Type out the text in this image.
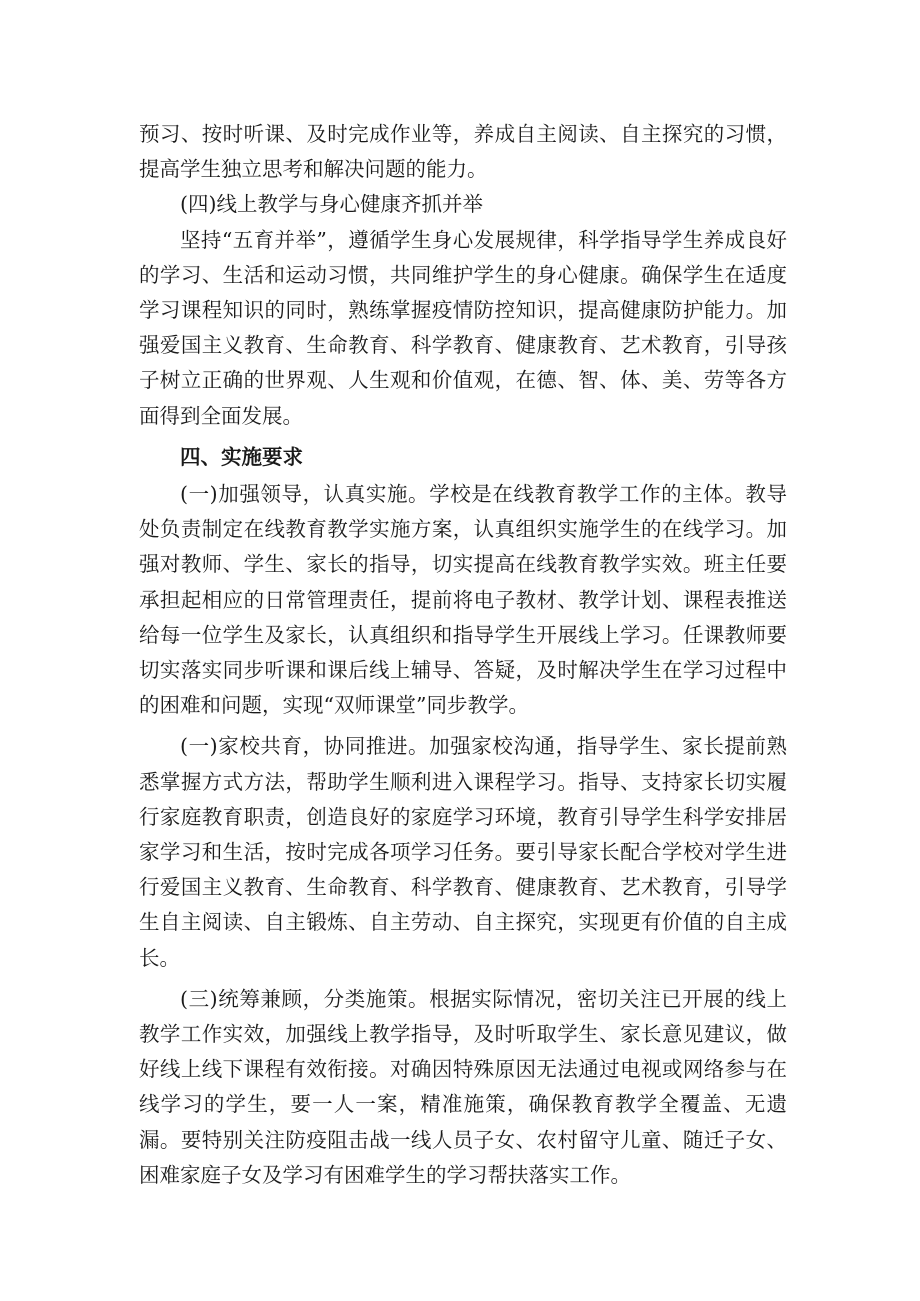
预习、按时听课、及时完成作业等，养成自主阅读、自主探究的习惯，提高学生独立思考和解决问题的能力。

(四)线上教学与身心健康齐抓并举

坚持“五育并举”，遵循学生身心发展规律，科学指导学生养成良好的学习、生活和运动习惯，共同维护学生的身心健康。确保学生在适度学习课程知识的同时，熟练掌握疫情防控知识，提高健康防护能力。加强爱国主义教育、生命教育、科学教育、健康教育、艺术教育，引导孩子树立正确的世界观、人生观和价值观，在德、智、体、美、劳等各方面得到全面发展。

四、实施要求

(一)加强领导，认真实施。学校是在线教育教学工作的主体。教导处负责制定在线教育教学实施方案，认真组织实施学生的在线学习。加强对教师、学生、家长的指导，切实提高在线教育教学实效。班主任要承担起相应的日常管理责任，提前将电子教材、教学计划、课程表推送给每一位学生及家长，认真组织和指导学生开展线上学习。任课教师要切实落实同步听课和课后线上辅导、答疑，及时解决学生在学习过程中的困难和问题，实现“双师课堂”同步教学。

(一)家校共育，协同推进。加强家校沟通，指导学生、家长提前熟悉掌握方式方法，帮助学生顺利进入课程学习。指导、支持家长切实履行家庭教育职责，创造良好的家庭学习环境，教育引导学生科学安排居家学习和生活，按时完成各项学习任务。要引导家长配合学校对学生进行爱国主义教育、生命教育、科学教育、健康教育、艺术教育，引导学生自主阅读、自主锻炼、自主劳动、自主探究，实现更有价值的自主成长。

(三)统筹兼顾，分类施策。根据实际情况，密切关注已开展的线上教学工作实效，加强线上教学指导，及时听取学生、家长意见建议，做好线上线下课程有效衔接。对确因特殊原因无法通过电视或网络参与在线学习的学生，要一人一案，精准施策，确保教育教学全覆盖、无遗漏。要特别关注防疫阻击战一线人员子女、农村留守儿童、随迁子女、困难家庭子女及学习有困难学生的学习帮扶落实工作。
